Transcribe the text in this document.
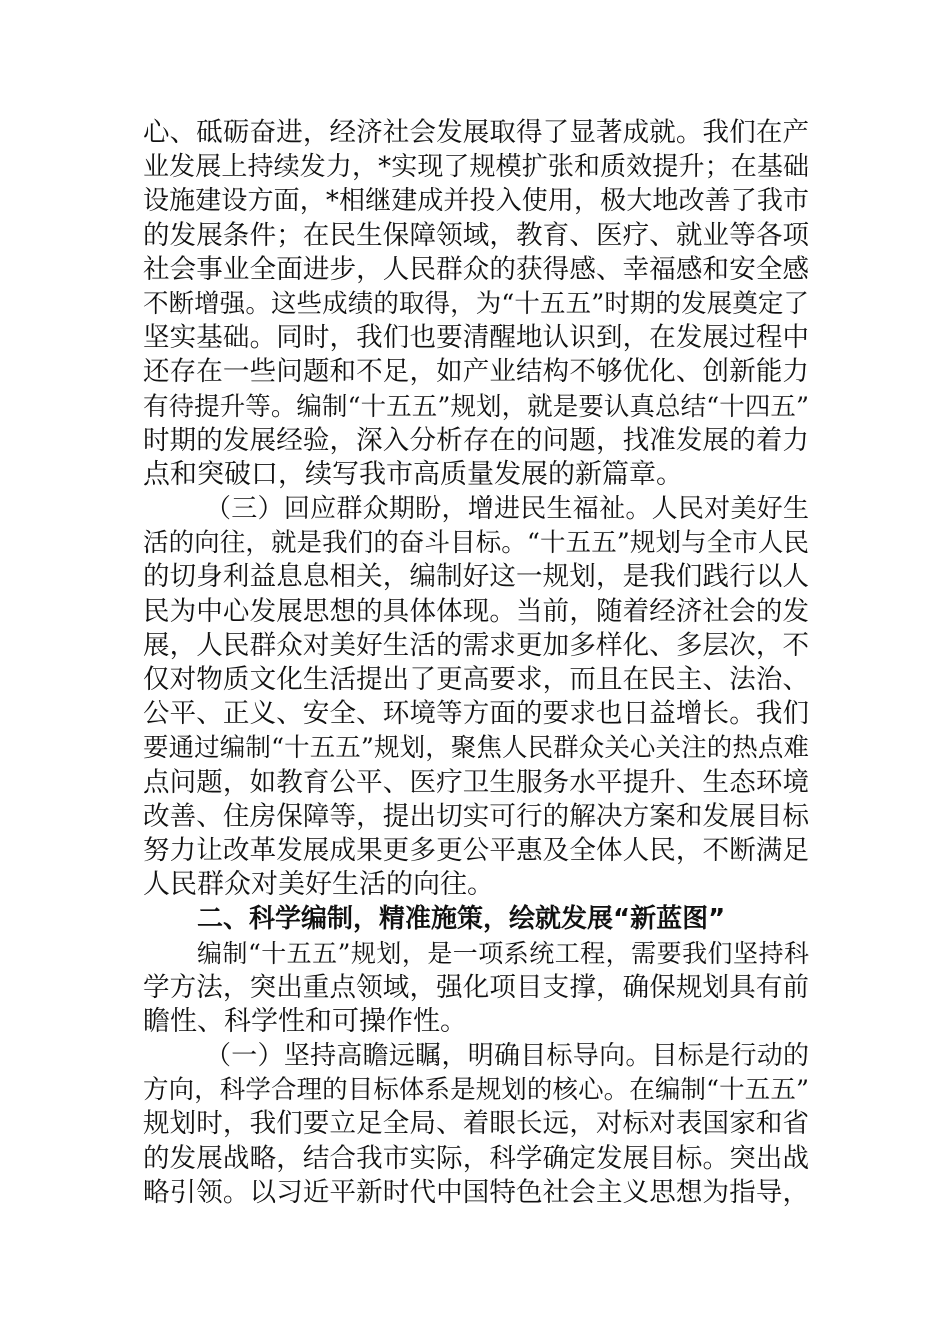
心、砥砺奋进，经济社会发展取得了显著成就。我们在产
业发展上持续发力，*实现了规模扩张和质效提升；在基础
设施建设方面，*相继建成并投入使用，极大地改善了我市
的发展条件；在民生保障领域，教育、医疗、就业等各项
社会事业全面进步，人民群众的获得感、幸福感和安全感
不断增强。这些成绩的取得，为“十五五”时期的发展奠定了
坚实基础。同时，我们也要清醒地认识到，在发展过程中
还存在一些问题和不足，如产业结构不够优化、创新能力
有待提升等。编制“十五五”规划，就是要认真总结“十四五”
时期的发展经验，深入分析存在的问题，找准发展的着力
点和突破口，续写我市高质量发展的新篇章。
（三）回应群众期盼，增进民生福祉。人民对美好生
活的向往，就是我们的奋斗目标。“十五五”规划与全市人民
的切身利益息息相关，编制好这一规划，是我们践行以人
民为中心发展思想的具体体现。当前，随着经济社会的发
展，人民群众对美好生活的需求更加多样化、多层次，不
仅对物质文化生活提出了更高要求，而且在民主、法治、
公平、正义、安全、环境等方面的要求也日益增长。我们
要通过编制“十五五”规划，聚焦人民群众关心关注的热点难
点问题，如教育公平、医疗卫生服务水平提升、生态环境
改善、住房保障等，提出切实可行的解决方案和发展目标
努力让改革发展成果更多更公平惠及全体人民，不断满足
人民群众对美好生活的向往。
二、科学编制，精准施策，绘就发展“新蓝图”
编制“十五五”规划，是一项系统工程，需要我们坚持科
学方法，突出重点领域，强化项目支撑，确保规划具有前
瞻性、科学性和可操作性。
（一）坚持高瞻远瞩，明确目标导向。目标是行动的
方向，科学合理的目标体系是规划的核心。在编制“十五五”
规划时，我们要立足全局、着眼长远，对标对表国家和省
的发展战略，结合我市实际，科学确定发展目标。突出战
略引领。以习近平新时代中国特色社会主义思想为指导，
